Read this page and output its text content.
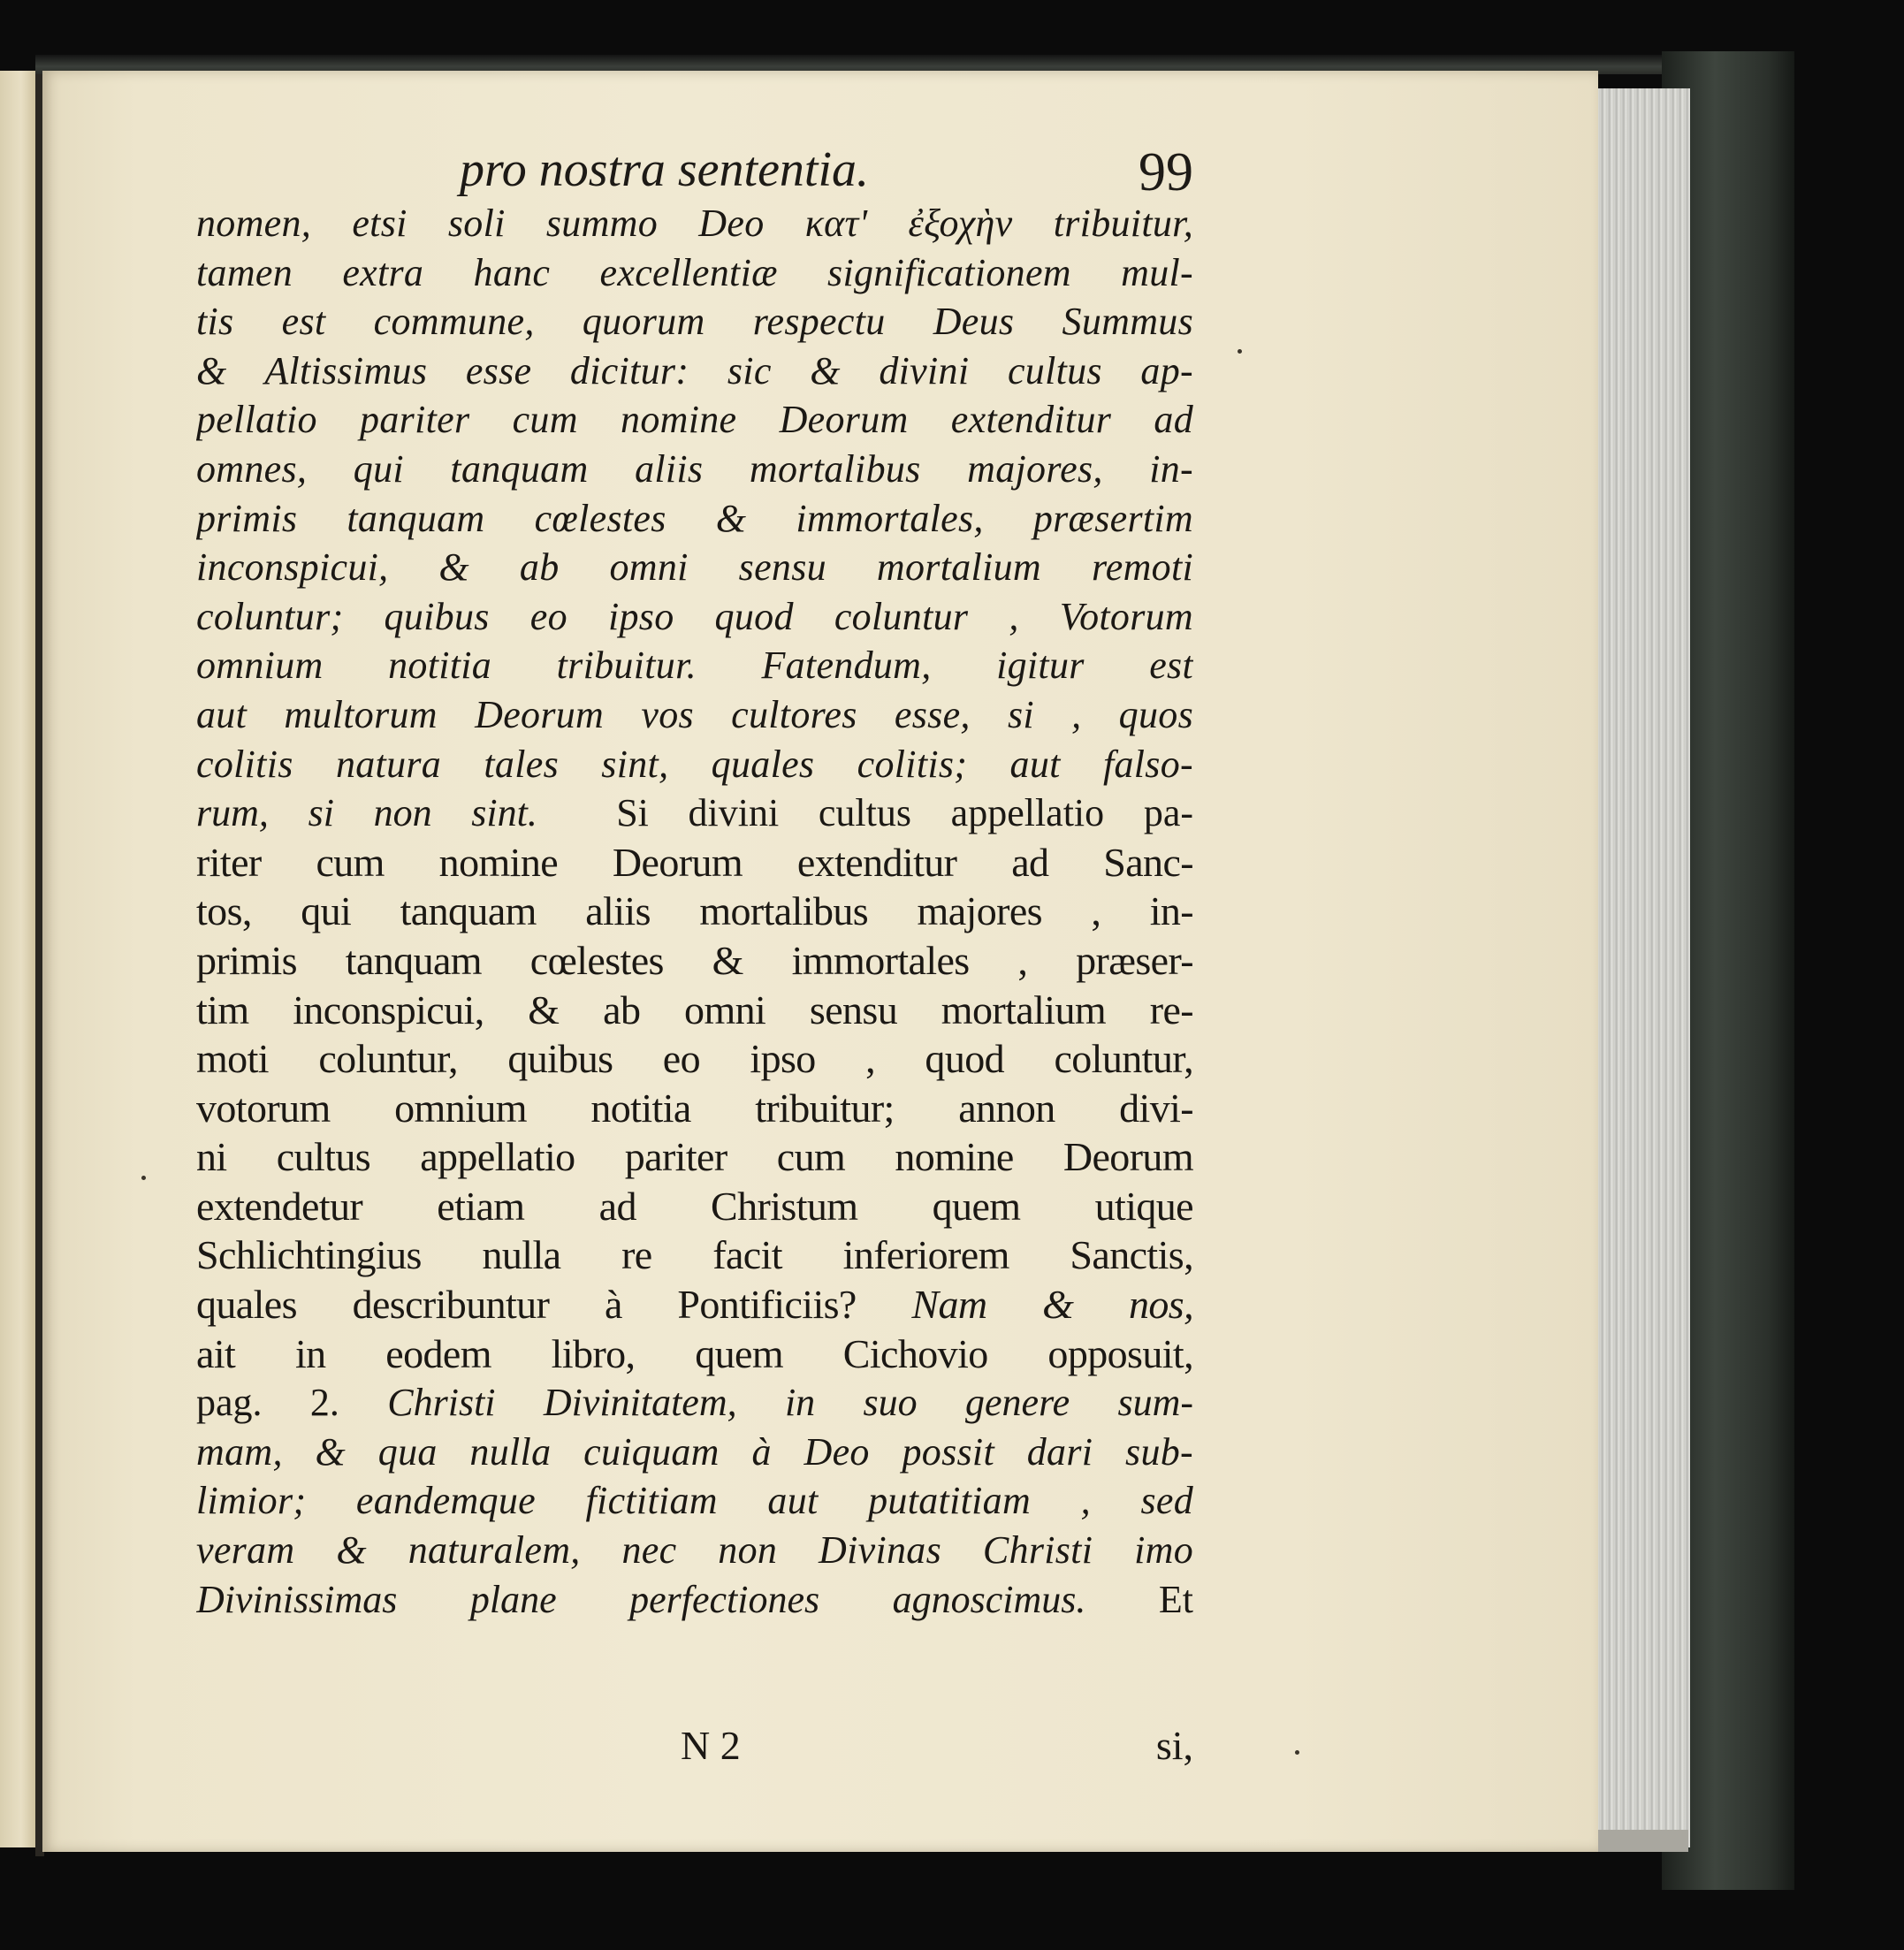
pro nostra sententia.	99
nomen, etsi soli summo Deo κατ' ἐξοχὴν tribuitur,
tamen extra hanc excellentiæ significationem mul-
tis est commune, quorum respectu Deus Summus
& Altissimus esse dicitur: sic & divini cultus ap-
pellatio pariter cum nomine Deorum extenditur ad
omnes, qui tanquam aliis mortalibus majores, in-
primis tanquam cœlestes & immortales, præsertim
inconspicui, & ab omni sensu mortalium remoti
coluntur; quibus eo ipso quod coluntur , Votorum
omnium notitia tribuitur. Fatendum, igitur est
aut multorum Deorum vos cultores esse, si , quos
colitis natura tales sint, quales colitis; aut falso-
rum, si non sint. Si divini cultus appellatio pa-
riter cum nomine Deorum extenditur ad Sanc-
tos, qui tanquam aliis mortalibus majores , in-
primis tanquam cœlestes & immortales , præser-
tim inconspicui, & ab omni sensu mortalium re-
moti coluntur, quibus eo ipso , quod coluntur,
votorum omnium notitia tribuitur; annon divi-
ni cultus appellatio pariter cum nomine Deorum
extendetur etiam ad Christum quem utique
Schlichtingius nulla re facit inferiorem Sanctis,
quales describuntur à Pontificiis? Nam & nos,
ait in eodem libro, quem Cichovio opposuit,
pag. 2. Christi Divinitatem, in suo genere sum-
mam, & qua nulla cuiquam à Deo possit dari sub-
limior; eandemque fictitiam aut putatitiam , sed
veram & naturalem, nec non Divinas Christi imo
Divinissimas plane perfectiones agnoscimus. Et
N 2	si,
